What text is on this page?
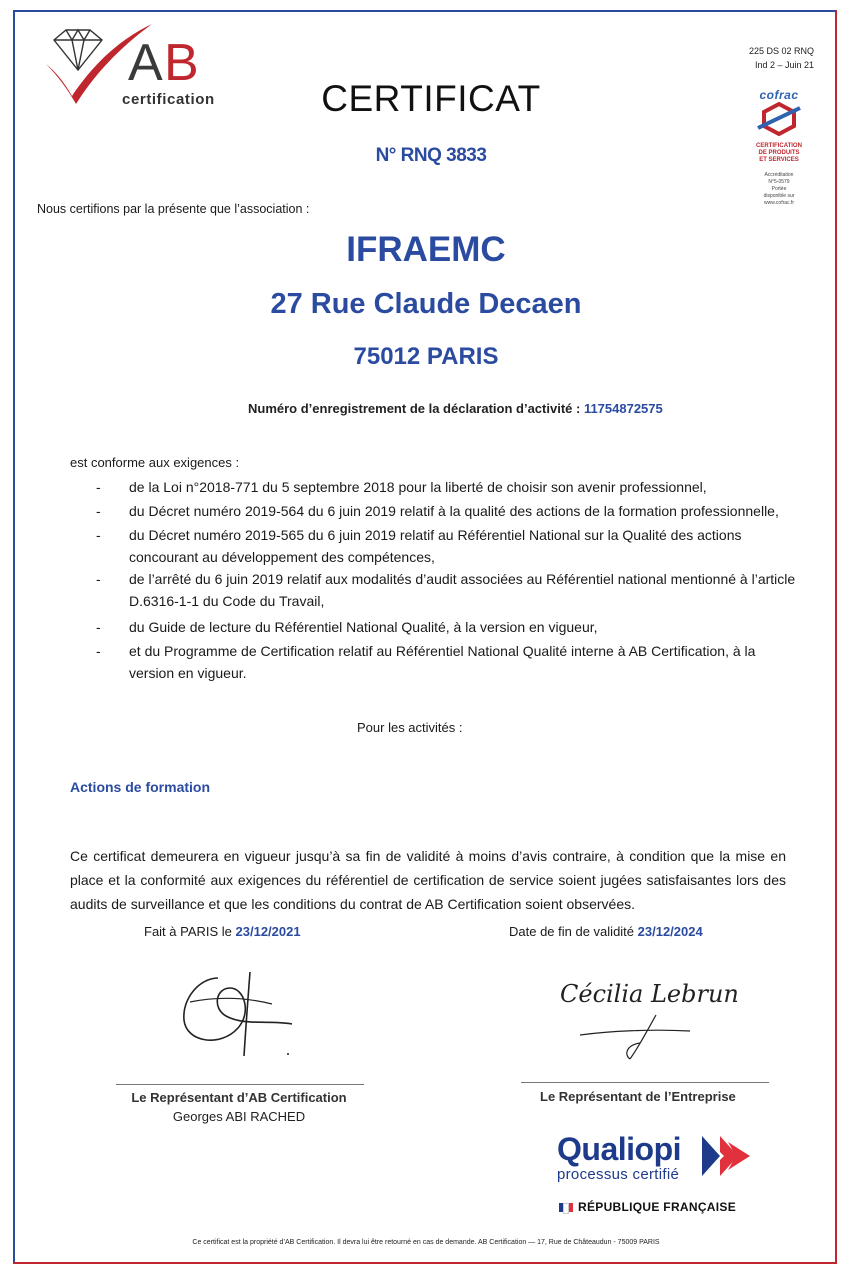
A B
certification
225 DS 02 RNQ
Ind 2 – Juin 21
cofrac
CERTIFICATION
DE PRODUITS
ET SERVICES
Accréditation
N°5-0579
Portée
disponible sur
www.cofrac.fr
CERTIFICAT
N° RNQ 3833
Nous certifions par la présente que l’association :
IFRAEMC
27 Rue Claude Decaen
75012 PARIS
Numéro d’enregistrement de la déclaration d’activité : 11754872575
est conforme aux exigences :
- de la Loi n°2018-771 du 5 septembre 2018 pour la liberté de choisir son avenir professionnel,
- du Décret numéro 2019-564 du 6 juin 2019 relatif à la qualité des actions de la formation professionnelle,
- du Décret numéro 2019-565 du 6 juin 2019 relatif au Référentiel National sur la Qualité des actions concourant au développement des compétences,
- de l’arrêté du 6 juin 2019 relatif aux modalités d’audit associées au Référentiel national mentionné à l’article D.6316-1-1 du Code du Travail,
- du Guide de lecture du Référentiel National Qualité, à la version en vigueur,
- et du Programme de Certification relatif au Référentiel National Qualité interne à AB Certification, à la version en vigueur.
Pour les activités :
Actions de formation
Ce certificat demeurera en vigueur jusqu’à sa fin de validité à moins d’avis contraire, à condition que la mise en place et la conformité aux exigences du référentiel de certification de service soient jugées satisfaisantes lors des audits de surveillance et que les conditions du contrat de AB Certification soient observées.
Fait à PARIS le 23/12/2021	Date de fin de validité 23/12/2024
Cécilia Lebrun
Le Représentant d’AB Certification
Georges ABI RACHED
Le Représentant de l’Entreprise
Qualiopi
processus certifié
RÉPUBLIQUE FRANÇAISE
Ce certificat est la propriété d’AB Certification. Il devra lui être retourné en cas de demande. AB Certification — 17, Rue de Châteaudun - 75009 PARIS
